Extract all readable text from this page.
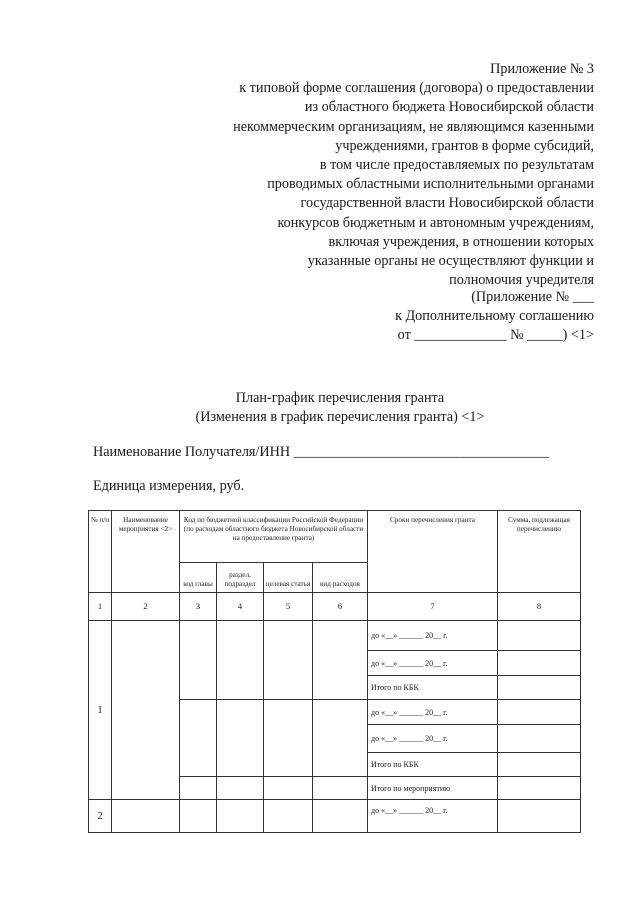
Приложение № 3
к типовой форме соглашения (договора) о предоставлении
из областного бюджета Новосибирской области
некоммерческим организациям, не являющимся казенными
учреждениями, грантов в форме субсидий,
в том числе предоставляемых по результатам
проводимых областными исполнительными органами
государственной власти Новосибирской области
конкурсов бюджетным и автономным учреждениям,
включая учреждения, в отношении которых
указанные органы не осуществляют функции и
полномочия учредителя
(Приложение № ___
к Дополнительному соглашению
от _____________ № _____) <1>
План-график перечисления гранта
(Изменения в график перечисления гранта) <1>
Наименование Получателя/ИНН ____________________________________
Единица измерения, руб.
№ п/п	Наименование мероприятия <2>	Код по бюджетной классификации Российской Федерации (по расходам областного бюджета Новосибирской области на предоставление гранта)				Сроки перечисления гранта	Сумма, подлежащая перечислению
		код главы	раздел, подраздел	целевая статья	вид расходов		
1	2	3	4	5	6	7	8
1						до «__» ______ 20__ г.	
						до «__» ______ 20__ г.	
						Итого по КБК	
						до «__» ______ 20__ г.	
						до «__» ______ 20__ г.	
						Итого по КБК	
						Итого по мероприятию	
2						до «__» ______ 20__ г.	
